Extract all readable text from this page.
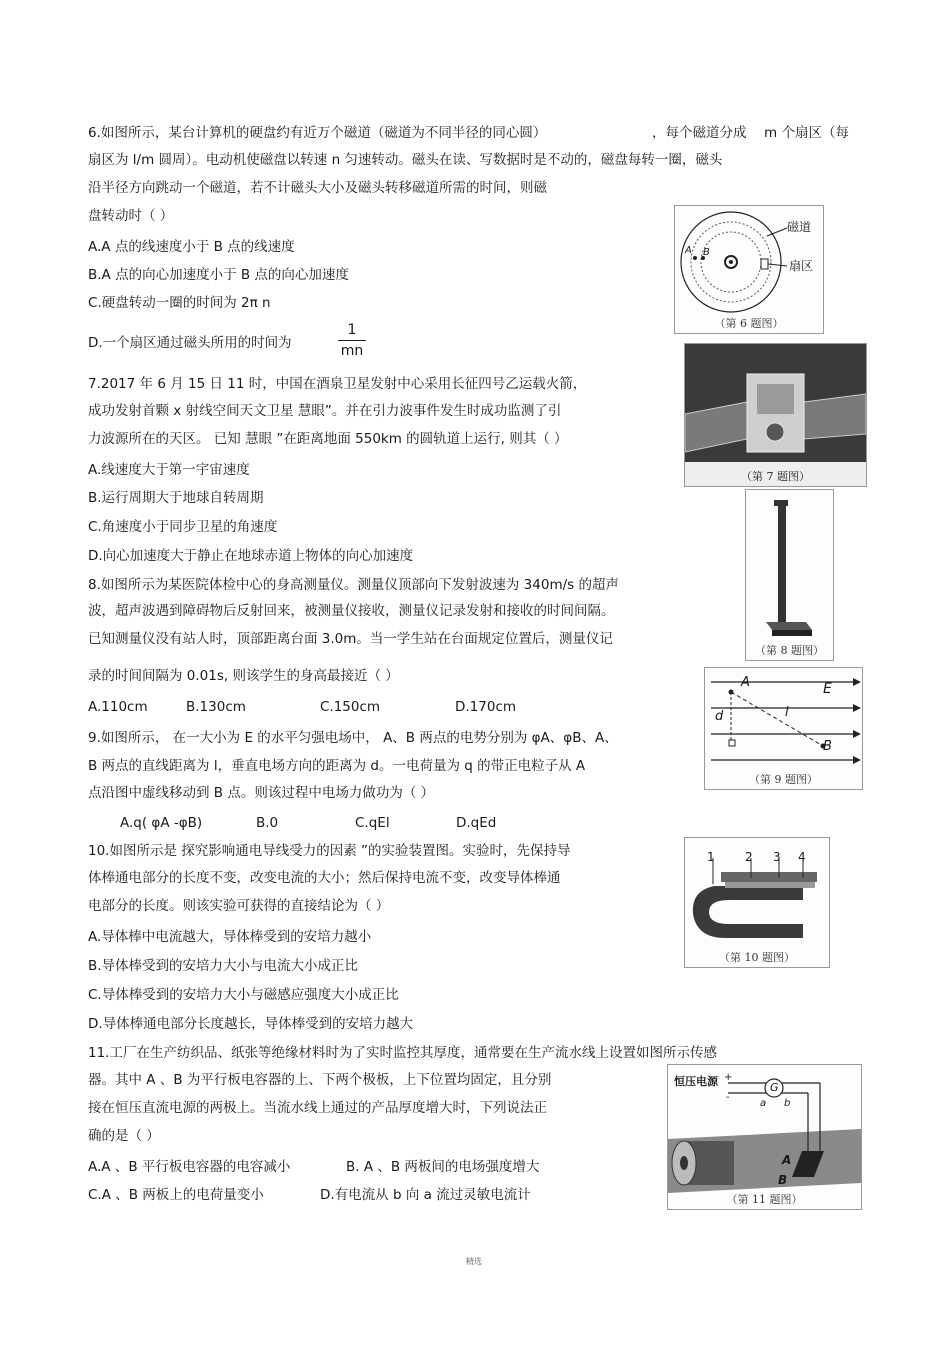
6.如图所示，某台计算机的硬盘约有近万个磁道（磁道为不同半径的同心圆）	，每个磁道分成 m 个扇区（每
扇区为 l/m 圆周）。电动机使磁盘以转速 n 匀速转动。磁头在读、写数据时是不动的，磁盘每转一圈，磁头
沿半径方向跳动一个磁道，若不计磁头大小及磁头转移磁道所需的时间，则磁
盘转动时（ ）
A.A 点的线速度小于 B 点的线速度
B.A 点的向心加速度小于 B 点的向心加速度
C.硬盘转动一圈的时间为 2π n
D.一个扇区通过磁头所用的时间为	$\frac{1}{mn}$
A B
磁道
扇区
（第 6 题图）
7.2017 年 6 月 15 日 11 时，中国在酒泉卫星发射中心采用长征四号乙运载火箭，
成功发射首颗 x 射线空间天文卫星 慧眼”。并在引力波事件发生时成功监测了引
力波源所在的天区。 已知 慧眼 ”在距离地面 550km 的圆轨道上运行, 则其（ ）
A.线速度大于第一宇宙速度
B.运行周期大于地球自转周期
C.角速度小于同步卫星的角速度
D.向心加速度大于静止在地球赤道上物体的向心加速度
（第 7 题图）
8.如图所示为某医院体检中心的身高测量仪。测量仪顶部向下发射波速为 340m/s 的超声
波，超声波遇到障碍物后反射回来，被测量仪接收，测量仪记录发射和接收的时间间隔。
已知测量仪没有站人时，顶部距离台面 3.0m。当一学生站在台面规定位置后，测量仪记
录的时间间隔为 0.01s, 则该学生的身高最接近（ ）
A.110cm	B.130cm	C.150cm	D.170cm
（第 8 题图）
9.如图所示， 在一大小为 E 的水平匀强电场中， A、B 两点的电势分别为 φA、φB、A、
B 两点的直线距离为 l，垂直电场方向的距离为 d。一电荷量为 q 的带正电粒子从 A
点沿图中虚线移动到 B 点。则该过程中电场力做功为（ ）
A.q( φA -φB)	B.0	C.qEl	D.qEd
A
B
E
d	l
（第 9 题图）
10.如图所示是 探究影响通电导线受力的因素 ”的实验装置图。实验时，先保持导
体棒通电部分的长度不变，改变电流的大小；然后保持电流不变，改变导体棒通
电部分的长度。则该实验可获得的直接结论为（ ）
A.导体棒中电流越大，导体棒受到的安培力越小
B.导体棒受到的安培力大小与电流大小成正比
C.导体棒受到的安培力大小与磁感应强度大小成正比
D.导体棒通电部分长度越长，导体棒受到的安培力越大
1	2 3 4
（第 10 题图）
11.工厂在生产纺织品、纸张等绝缘材料时为了实时监控其厚度，通常要在生产流水线上设置如图所示传感
器。其中 A 、B 为平行板电容器的上、下两个极板，上下位置均固定，且分别
接在恒压直流电源的两极上。当流水线上通过的产品厚度增大时，下列说法正
确的是（ ）
A.A 、B 平行板电容器的电容减小	B. A 、B 两板间的电场强度增大
C.A 、B 两板上的电荷量变小	D.有电流从 b 向 a 流过灵敏电流计
恒压电源 +
-
G
a b
A
B
（第 11 题图）
精选
